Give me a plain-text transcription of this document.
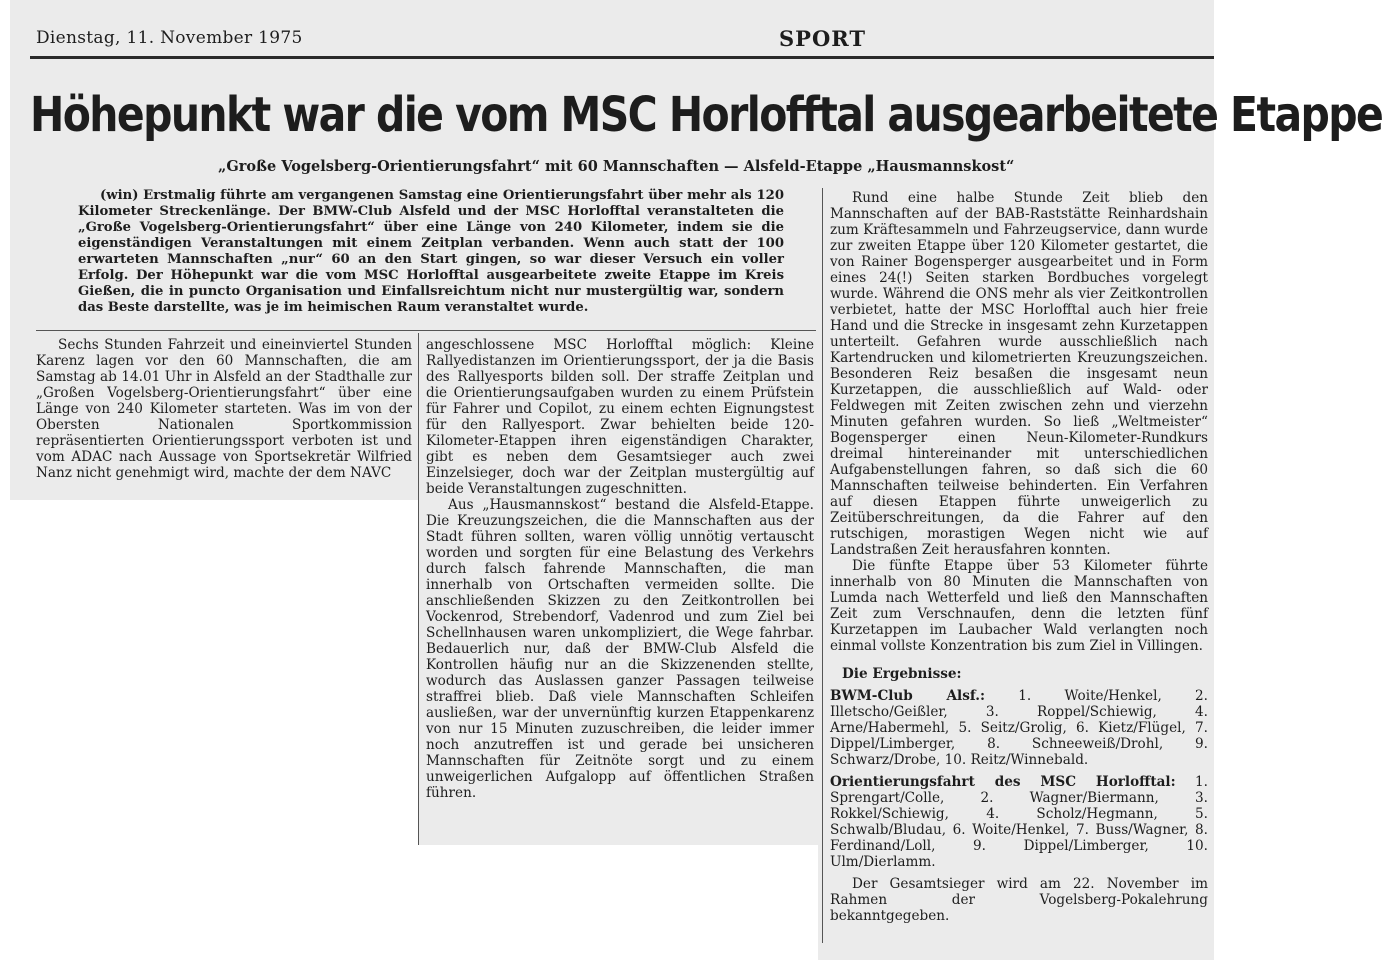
Dienstag, 11. November 1975	SPORT
Höhepunkt war die vom MSC Horlofftal ausgearbeitete Etappe
„Große Vogelsberg-Orientierungsfahrt“ mit 60 Mannschaften — Alsfeld-Etappe „Hausmannskost“

(win) Erstmalig führte am vergangenen Samstag eine Orientierungsfahrt über mehr als 120 Kilometer Streckenlänge. Der BMW-Club Alsfeld und der MSC Horlofftal veranstalteten die „Große Vogelsberg-Orientierungsfahrt“ über eine Länge von 240 Kilometer, indem sie die eigenständigen Veranstaltungen mit einem Zeitplan verbanden. Wenn auch statt der 100 erwarteten Mannschaften „nur“ 60 an den Start gingen, so war dieser Versuch ein voller Erfolg. Der Höhepunkt war die vom MSC Horlofftal ausgearbeitete zweite Etappe im Kreis Gießen, die in puncto Organisation und Einfallsreichtum nicht nur mustergültig war, sondern das Beste darstellte, was je im heimischen Raum veranstaltet wurde.

Sechs Stunden Fahrzeit und eineinviertel Stunden Karenz lagen vor den 60 Mannschaften, die am Samstag ab 14.01 Uhr in Alsfeld an der Stadthalle zur „Großen Vogelsberg-Orientierungsfahrt“ über eine Länge von 240 Kilometer starteten. Was im von der Obersten Nationalen Sportkommission repräsentierten Orientierungssport verboten ist und vom ADAC nach Aussage von Sportsekretär Wilfried Nanz nicht genehmigt wird, machte der dem NAVC

angeschlossene MSC Horlofftal möglich: Kleine Rallyedistanzen im Orientierungssport, der ja die Basis des Rallyesports bilden soll. Der straffe Zeitplan und die Orientierungsaufgaben wurden zu einem Prüfstein für Fahrer und Copilot, zu einem echten Eignungstest für den Rallyesport. Zwar behielten beide 120-Kilometer-Etappen ihren eigenständigen Charakter, gibt es neben dem Gesamtsieger auch zwei Einzelsieger, doch war der Zeitplan mustergültig auf beide Veranstaltungen zugeschnitten.

Aus „Hausmannskost“ bestand die Alsfeld-Etappe. Die Kreuzungszeichen, die die Mannschaften aus der Stadt führen sollten, waren völlig unnötig vertauscht worden und sorgten für eine Belastung des Verkehrs durch falsch fahrende Mannschaften, die man innerhalb von Ortschaften vermeiden sollte. Die anschließenden Skizzen zu den Zeitkontrollen bei Vockenrod, Strebendorf, Vadenrod und zum Ziel bei Schellnhausen waren unkompliziert, die Wege fahrbar. Bedauerlich nur, daß der BMW-Club Alsfeld die Kontrollen häufig nur an die Skizzenenden stellte, wodurch das Auslassen ganzer Passagen teilweise straffrei blieb. Daß viele Mannschaften Schleifen ausließen, war der unvernünftig kurzen Etappenkarenz von nur 15 Minuten zuzuschreiben, die leider immer noch anzutreffen ist und gerade bei unsicheren Mannschaften für Zeitnöte sorgt und zu einem unweigerlichen Aufgalopp auf öffentlichen Straßen führen.

Rund eine halbe Stunde Zeit blieb den Mannschaften auf der BAB-Raststätte Reinhardshain zum Kräftesammeln und Fahrzeugservice, dann wurde zur zweiten Etappe über 120 Kilometer gestartet, die von Rainer Bogensperger ausgearbeitet und in Form eines 24(!) Seiten starken Bordbuches vorgelegt wurde. Während die ONS mehr als vier Zeitkontrollen verbietet, hatte der MSC Horlofftal auch hier freie Hand und die Strecke in insgesamt zehn Kurzetappen unterteilt. Gefahren wurde ausschließlich nach Kartendrucken und kilometrierten Kreuzungszeichen. Besonderen Reiz besaßen die insgesamt neun Kurzetappen, die ausschließlich auf Wald- oder Feldwegen mit Zeiten zwischen zehn und vierzehn Minuten gefahren wurden. So ließ „Weltmeister“ Bogensperger einen Neun-Kilometer-Rundkurs dreimal hintereinander mit unterschiedlichen Aufgabenstellungen fahren, so daß sich die 60 Mannschaften teilweise behinderten. Ein Verfahren auf diesen Etappen führte unweigerlich zu Zeitüberschreitungen, da die Fahrer auf den rutschigen, morastigen Wegen nicht wie auf Landstraßen Zeit herausfahren konnten.

Die fünfte Etappe über 53 Kilometer führte innerhalb von 80 Minuten die Mannschaften von Lumda nach Wetterfeld und ließ den Mannschaften Zeit zum Verschnaufen, denn die letzten fünf Kurzetappen im Laubacher Wald verlangten noch einmal vollste Konzentration bis zum Ziel in Villingen.

Die Ergebnisse:

BWM-Club Alsf.: 1. Woite/Henkel, 2. Illetscho/Geißler, 3. Roppel/Schiewig, 4. Arne/Habermehl, 5. Seitz/Grolig, 6. Kietz/Flügel, 7. Dippel/Limberger, 8. Schneeweiß/Drohl, 9. Schwarz/Drobe, 10. Reitz/Winnebald.

Orientierungsfahrt des MSC Horlofftal: 1. Sprengart/Colle, 2. Wagner/Biermann, 3. Rokkel/Schiewig, 4. Scholz/Hegmann, 5. Schwalb/Bludau, 6. Woite/Henkel, 7. Buss/Wagner, 8. Ferdinand/Loll, 9. Dippel/Limberger, 10. Ulm/Dierlamm.

Der Gesamtsieger wird am 22. November im Rahmen der Vogelsberg-Pokalehrung bekanntgegeben.
